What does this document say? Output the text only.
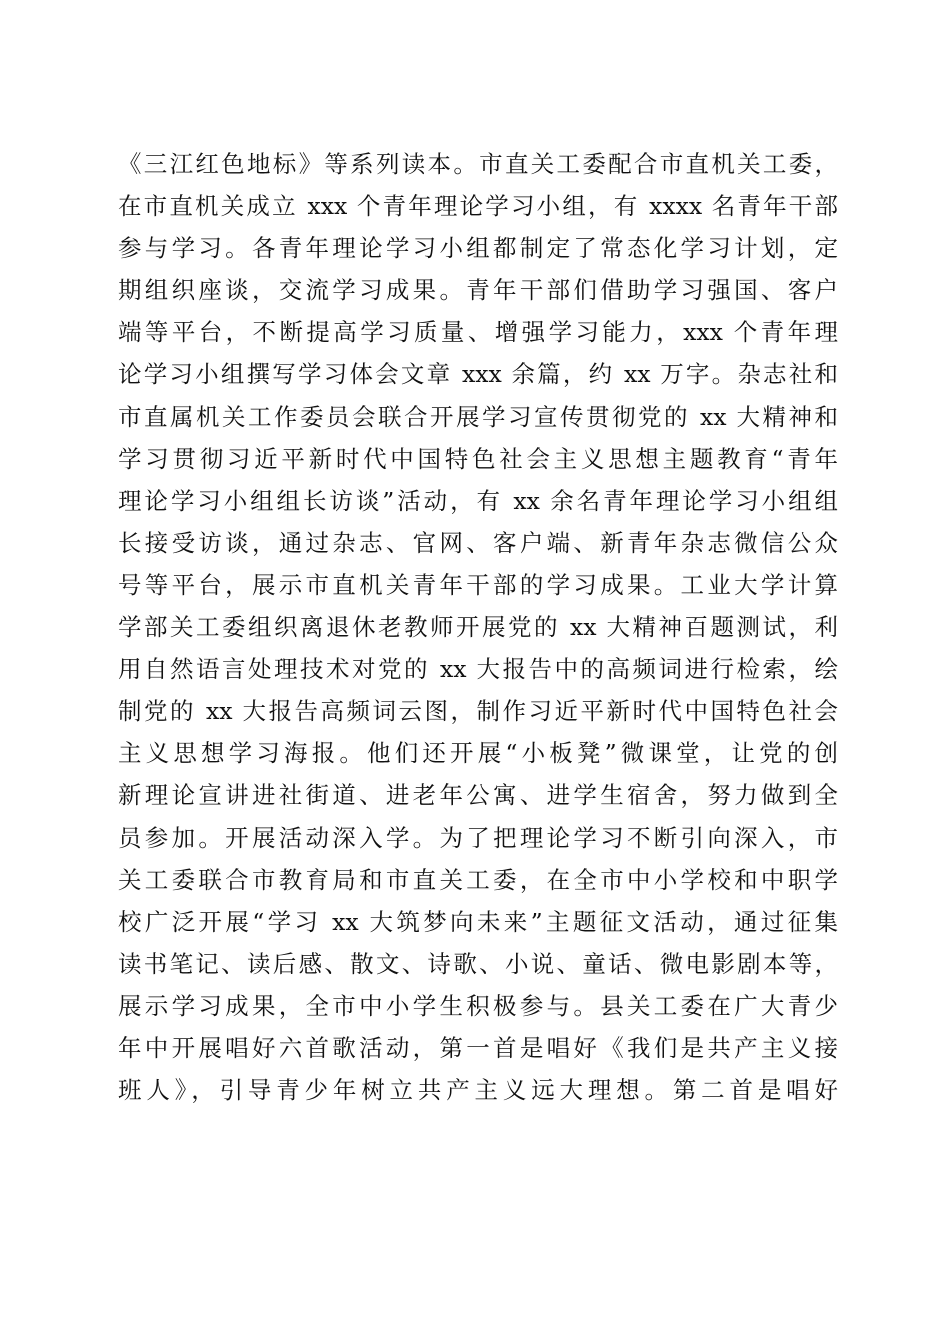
《三江红色地标》等系列读本。市直关工委配合市直机关工委，
在市直机关成立 xxx 个青年理论学习小组，有 xxxx 名青年干部
参与学习。各青年理论学习小组都制定了常态化学习计划，定
期组织座谈，交流学习成果。青年干部们借助学习强国、客户
端等平台，不断提高学习质量、增强学习能力，xxx 个青年理
论学习小组撰写学习体会文章 xxx 余篇，约 xx 万字。杂志社和
市直属机关工作委员会联合开展学习宣传贯彻党的 xx 大精神和
学习贯彻习近平新时代中国特色社会主义思想主题教育“青年
理论学习小组组长访谈”活动，有 xx 余名青年理论学习小组组
长接受访谈，通过杂志、官网、客户端、新青年杂志微信公众
号等平台，展示市直机关青年干部的学习成果。工业大学计算
学部关工委组织离退休老教师开展党的 xx 大精神百题测试，利
用自然语言处理技术对党的 xx 大报告中的高频词进行检索，绘
制党的 xx 大报告高频词云图，制作习近平新时代中国特色社会
主义思想学习海报。他们还开展“小板凳”微课堂，让党的创
新理论宣讲进社街道、进老年公寓、进学生宿舍，努力做到全
员参加。开展活动深入学。为了把理论学习不断引向深入，市
关工委联合市教育局和市直关工委，在全市中小学校和中职学
校广泛开展“学习 xx 大筑梦向未来”主题征文活动，通过征集
读书笔记、读后感、散文、诗歌、小说、童话、微电影剧本等，
展示学习成果，全市中小学生积极参与。县关工委在广大青少
年中开展唱好六首歌活动，第一首是唱好《我们是共产主义接
班人》，引导青少年树立共产主义远大理想。第二首是唱好
